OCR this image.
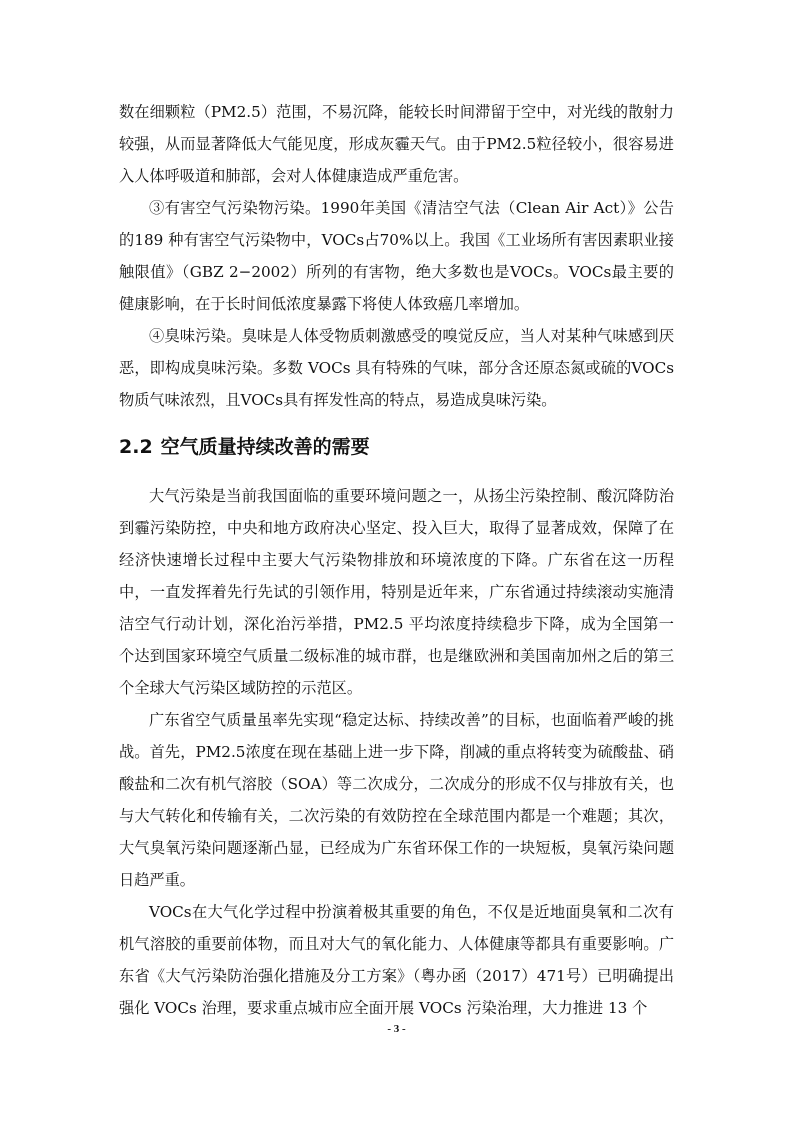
数在细颗粒（PM2.5）范围，不易沉降，能较长时间滞留于空中，对光线的散射力较强，从而显著降低大气能见度，形成灰霾天气。由于PM2.5粒径较小，很容易进入人体呼吸道和肺部，会对人体健康造成严重危害。

③有害空气污染物污染。1990年美国《清洁空气法（Clean Air Act）》公告的189 种有害空气污染物中，VOCs占70%以上。我国《工业场所有害因素职业接触限值》（GBZ 2−2002）所列的有害物，绝大多数也是VOCs。VOCs最主要的健康影响，在于长时间低浓度暴露下将使人体致癌几率增加。

④臭味污染。臭味是人体受物质刺激感受的嗅觉反应，当人对某种气味感到厌恶，即构成臭味污染。多数 VOCs 具有特殊的气味，部分含还原态氮或硫的VOCs物质气味浓烈，且VOCs具有挥发性高的特点，易造成臭味污染。

2.2 空气质量持续改善的需要

大气污染是当前我国面临的重要环境问题之一，从扬尘污染控制、酸沉降防治到霾污染防控，中央和地方政府决心坚定、投入巨大，取得了显著成效，保障了在经济快速增长过程中主要大气污染物排放和环境浓度的下降。广东省在这一历程中，一直发挥着先行先试的引领作用，特别是近年来，广东省通过持续滚动实施清洁空气行动计划，深化治污举措，PM2.5 平均浓度持续稳步下降，成为全国第一个达到国家环境空气质量二级标准的城市群，也是继欧洲和美国南加州之后的第三个全球大气污染区域防控的示范区。

广东省空气质量虽率先实现“稳定达标、持续改善”的目标，也面临着严峻的挑战。首先，PM2.5浓度在现在基础上进一步下降，削减的重点将转变为硫酸盐、硝酸盐和二次有机气溶胶（SOA）等二次成分，二次成分的形成不仅与排放有关，也与大气转化和传输有关，二次污染的有效防控在全球范围内都是一个难题；其次，大气臭氧污染问题逐渐凸显，已经成为广东省环保工作的一块短板，臭氧污染问题日趋严重。

VOCs在大气化学过程中扮演着极其重要的角色，不仅是近地面臭氧和二次有机气溶胶的重要前体物，而且对大气的氧化能力、人体健康等都具有重要影响。广东省《大气污染防治强化措施及分工方案》（粤办函（2017）471号）已明确提出强化 VOCs 治理，要求重点城市应全面开展 VOCs 污染治理，大力推进 13 个

- 3 -
